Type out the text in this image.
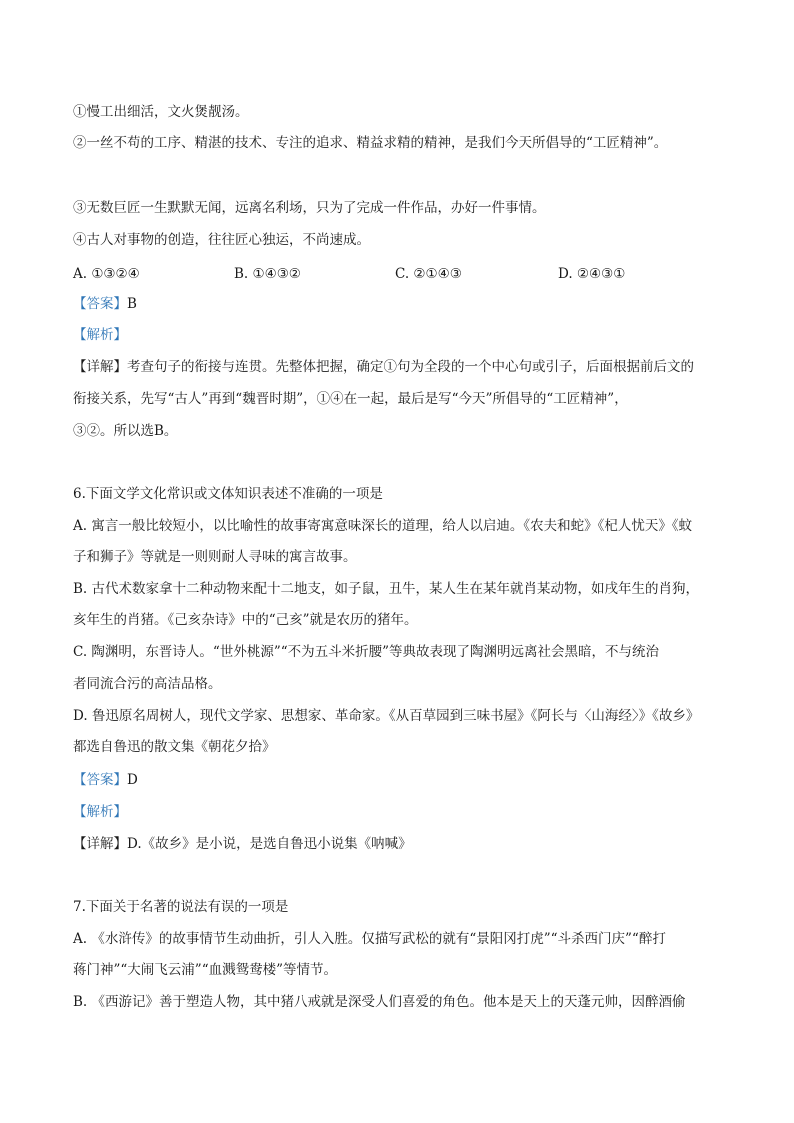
①慢工出细活，文火煲靓汤。
②一丝不苟的工序、精湛的技术、专注的追求、精益求精的精神，是我们今天所倡导的“工匠精神”。
③无数巨匠一生默默无闻，远离名利场，只为了完成一件作品，办好一件事情。
④古人对事物的创造，往往匠心独运，不尚速成。
A. ①③②④	B. ①④③②	C. ②①④③	D. ②④③①
【答案】B
【解析】
【详解】考查句子的衔接与连贯。先整体把握，确定①句为全段的一个中心句或引子，后面根据前后文的
衔接关系，先写“古人”再到“魏晋时期”，①④在一起，最后是写“今天”所倡导的“工匠精神”，
③②。所以选B。
6.下面文学文化常识或文体知识表述不准确的一项是
A. 寓言一般比较短小，以比喻性的故事寄寓意味深长的道理，给人以启迪。《农夫和蛇》《杞人忧天》《蚊
子和狮子》等就是一则则耐人寻味的寓言故事。
B. 古代术数家拿十二种动物来配十二地支，如子鼠，丑牛，某人生在某年就肖某动物，如戌年生的肖狗，
亥年生的肖猪。《己亥杂诗》中的“己亥”就是农历的猪年。
C. 陶渊明，东晋诗人。“世外桃源”“不为五斗米折腰”等典故表现了陶渊明远离社会黑暗，不与统治
者同流合污的高洁品格。
D. 鲁迅原名周树人，现代文学家、思想家、革命家。《从百草园到三味书屋》《阿长与〈山海经〉》《故乡》
都选自鲁迅的散文集《朝花夕拾》
【答案】D
【解析】
【详解】D.《故乡》是小说，是选自鲁迅小说集《呐喊》
7.下面关于名著的说法有误的一项是
A. 《水浒传》的故事情节生动曲折，引人入胜。仅描写武松的就有“景阳冈打虎”“斗杀西门庆”“醉打
蒋门神”“大闹飞云浦”“血溅鸳鸯楼”等情节。
B. 《西游记》善于塑造人物，其中猪八戒就是深受人们喜爱的角色。他本是天上的天蓬元帅，因醉酒偷
